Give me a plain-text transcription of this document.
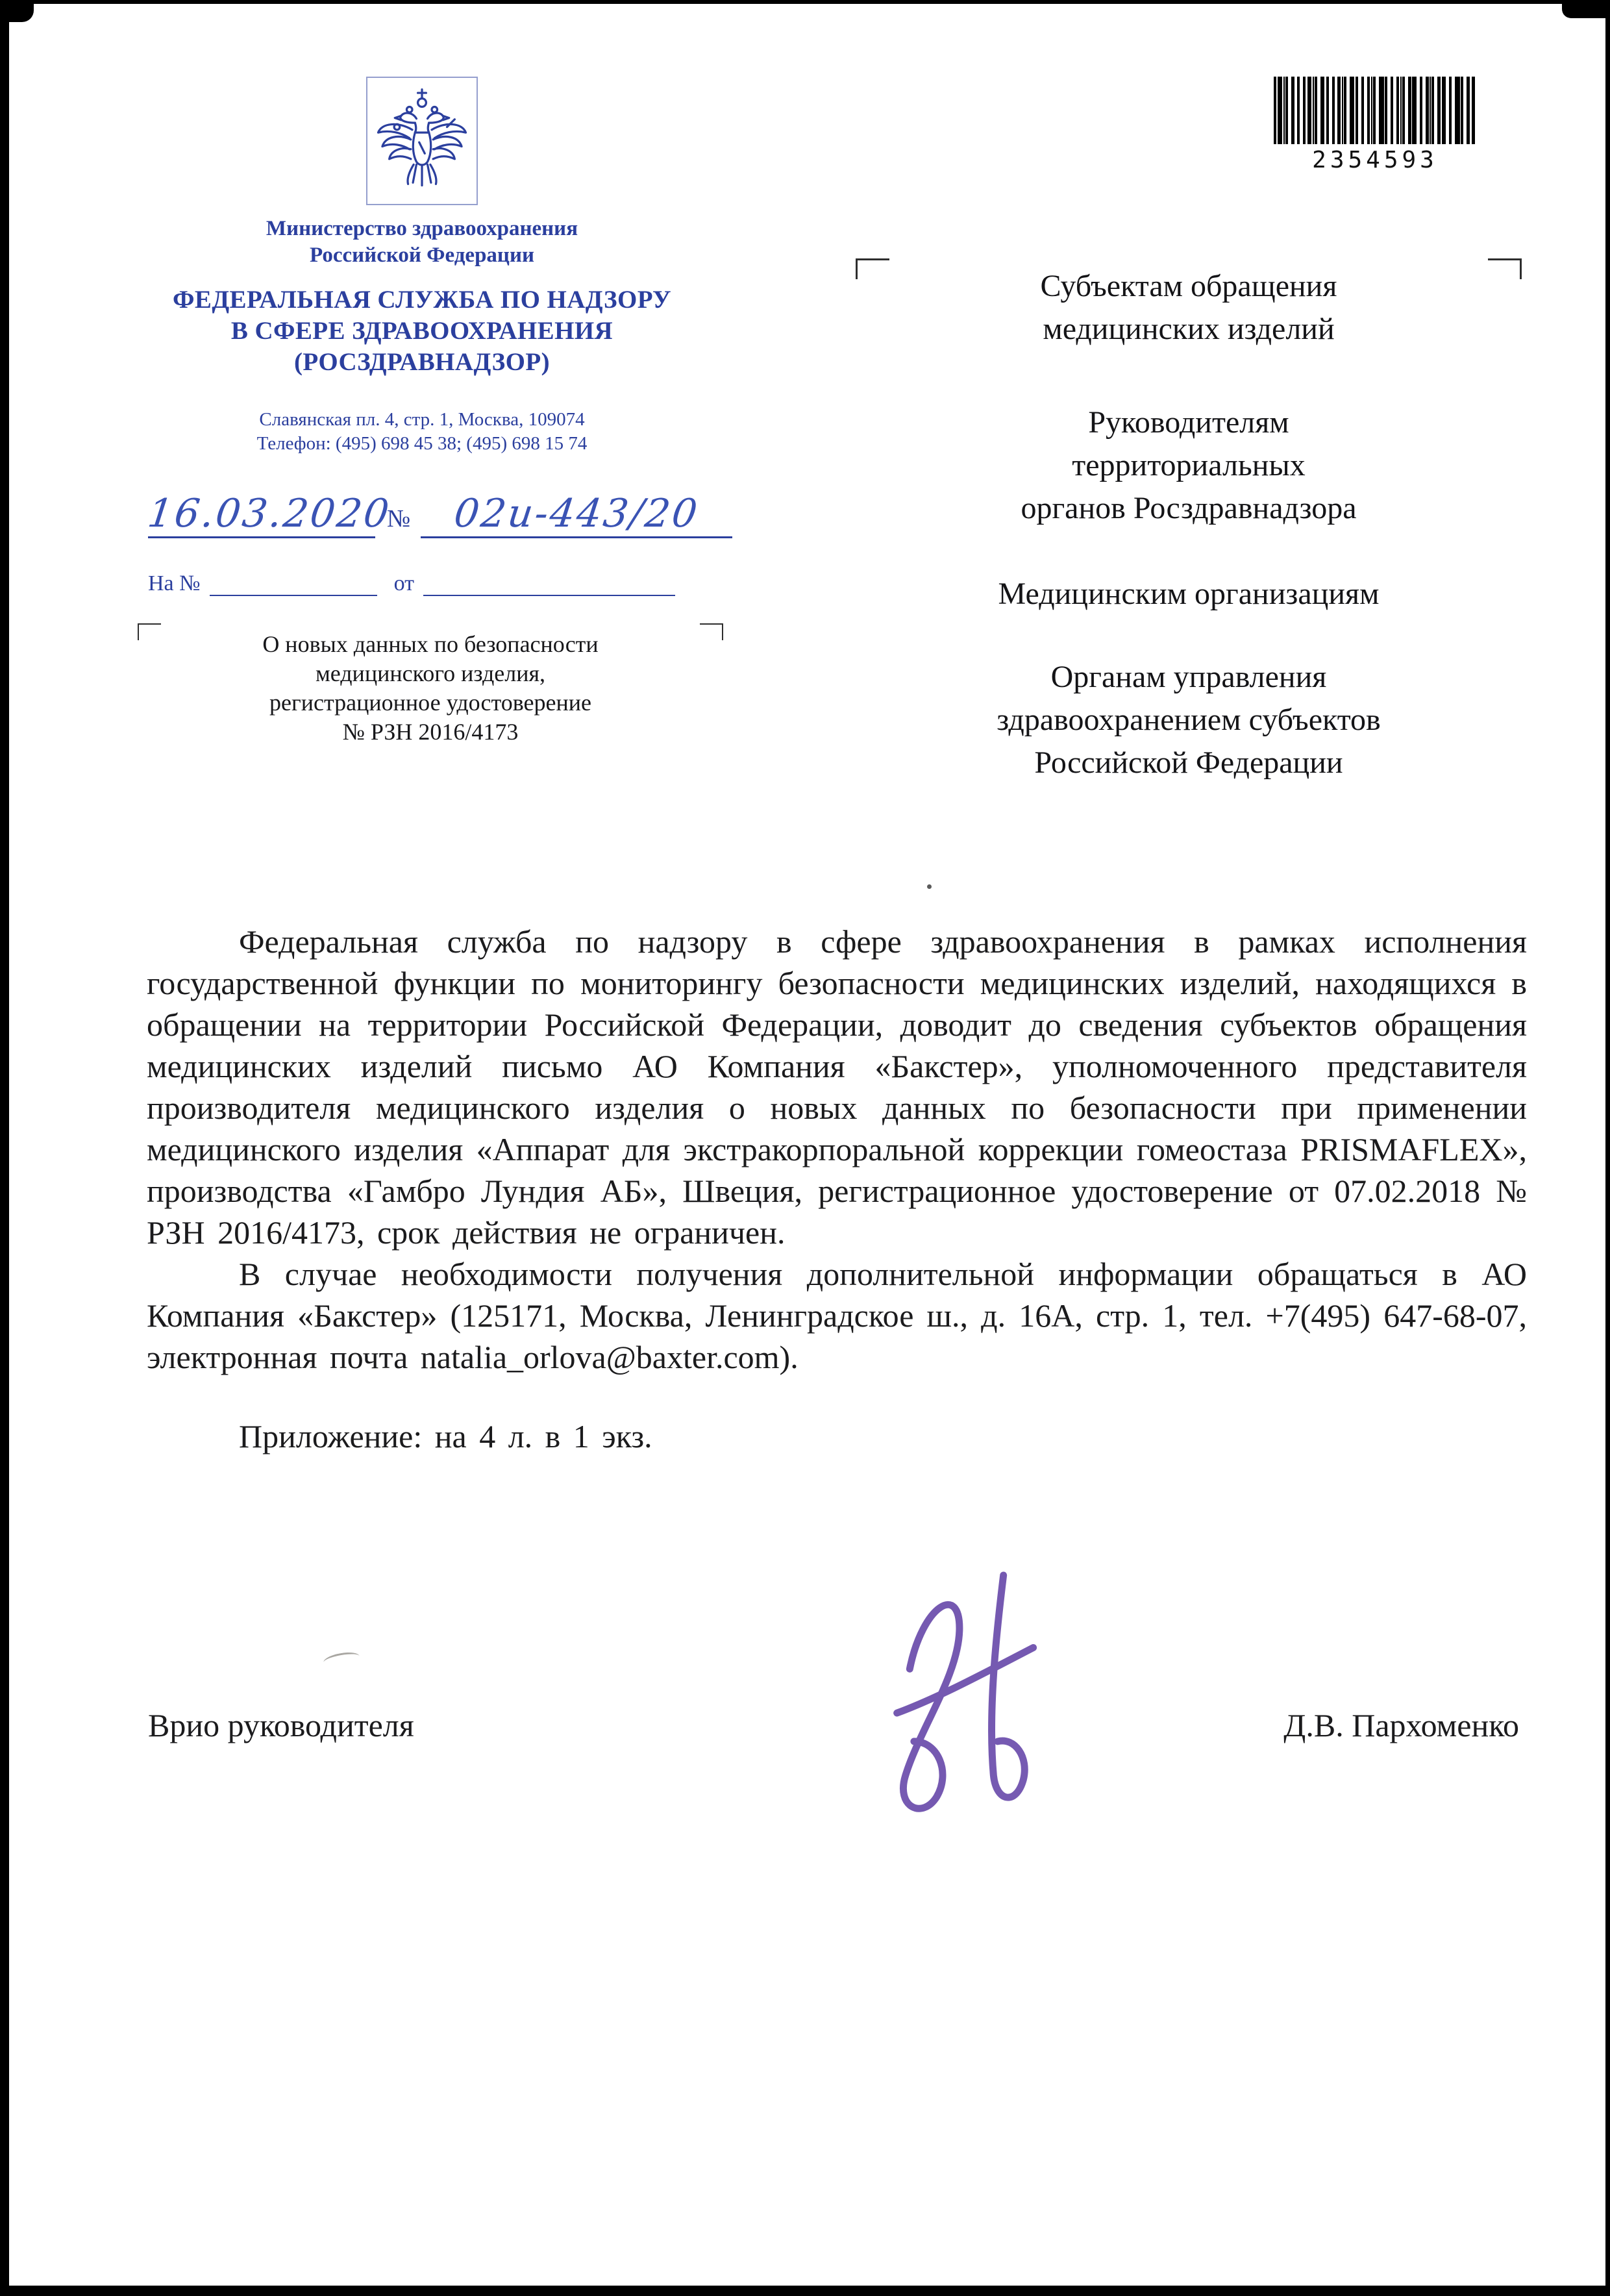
Министерство здравоохранения
Российской Федерации
ФЕДЕРАЛЬНАЯ СЛУЖБА ПО НАДЗОРУ
В СФЕРЕ ЗДРАВООХРАНЕНИЯ
(РОСЗДРАВНАДЗОР)
Славянская пл. 4, стр. 1, Москва, 109074
Телефон: (495) 698 45 38; (495) 698 15 74
16.03.2020
№	02и-443/20
На №	от
О новых данных по безопасности
медицинского изделия,
регистрационное удостоверение
№ РЗН 2016/4173
Субъектам обращения
медицинских изделий
Руководителям
территориальных
органов Росздравнадзора
Медицинским организациям
Органам управления
здравоохранением субъектов
Российской Федерации
2354593

Федеральная служба по надзору в сфере здравоохранения в рамках исполнения государственной функции по мониторингу безопасности медицинских изделий, находящихся в обращении на территории Российской Федерации, доводит до сведения субъектов обращения медицинских изделий письмо АО Компания «Бакстер», уполномоченного представителя производителя медицинского изделия о новых данных по безопасности при применении медицинского изделия «Аппарат для экстракорпоральной коррекции гомеостаза PRISMAFLEX», производства «Гамбро Лундия АБ», Швеция, регистрационное удостоверение от 07.02.2018 № РЗН 2016/4173, срок действия не ограничен.

В случае необходимости получения дополнительной информации обращаться в АО Компания «Бакстер» (125171, Москва, Ленинградское ш., д. 16А, стр. 1, тел. +7(495) 647-68-07, электронная почта natalia_orlova@baxter.com).

Приложение: на 4 л. в 1 экз.

Врио руководителя	Д.В. Пархоменко
